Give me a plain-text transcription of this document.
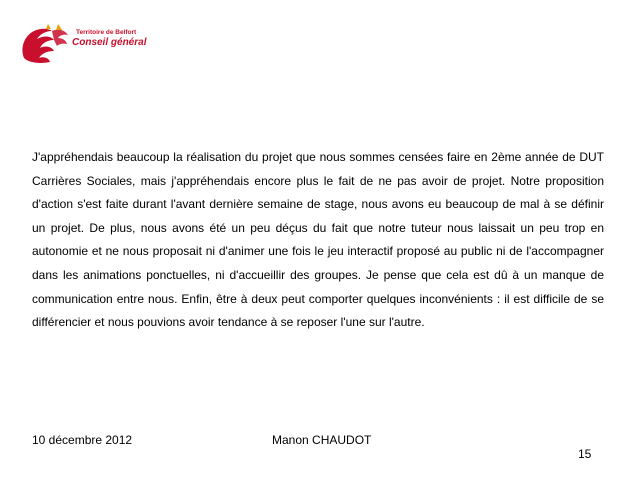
Territoire de Belfort
Conseil général

J'appréhendais beaucoup la réalisation du projet que nous sommes censées faire en 2ème année de DUT Carrières Sociales, mais j'appréhendais encore plus le fait de ne pas avoir de projet. Notre proposition d'action s'est faite durant l'avant dernière semaine de stage, nous avons eu beaucoup de mal à se définir un projet. De plus, nous avons été un peu déçus du fait que notre tuteur nous laissait un peu trop en autonomie et ne nous proposait ni d'animer une fois le jeu interactif proposé au public ni de l'accompagner dans les animations ponctuelles, ni d'accueillir des groupes. Je pense que cela est dû à un manque de communication entre nous. Enfin, être à deux peut comporter quelques inconvénients : il est difficile de se différencier et nous pouvions avoir tendance à se reposer l'une sur l'autre.

10 décembre 2012	Manon CHAUDOT
15
